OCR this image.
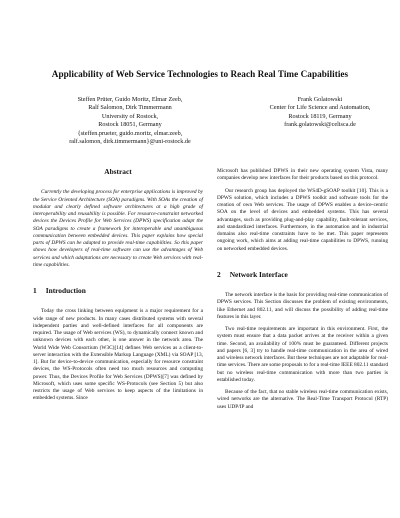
Applicability of Web Service Technologies to Reach Real Time Capabilities
Steffen Prüter, Guido Moritz, Elmar Zeeb,
Ralf Salomon, Dirk Timmermann
University of Rostock,
Rostock 18051, Germany
{steffen.prueter, guido.moritz, elmar.zeeb,
ralf.salomon, dirk.timmermann}@uni-rostock.de
Frank Golatowski
Center for Life Science and Automation,
Rostock 18119, Germany
frank.golatowski@celisca.de
Abstract

Currently the developing process for enterprise applications is improved by the Service Oriented Architecture (SOA) paradigms. With SOAs the creation of modular and clearly defined software architectures at a high grade of interoperability and reusability is possible. For resource-constraint networked devices the Devices Profile for Web Services (DPWS) specification adapt the SOA paradigms to create a framework for interoperable and unambiguous communication between embedded devices. This paper explains how special parts of DPWS can be adapted to provide real-time capabilities. So this paper shows how developers of real-time software can use the advantages of Web services and which adaptations are necessary to create Web services with real-time capabilities.

1 Introduction

Today the cross linking between equipment is a major requirement for a wide range of new products. In many cases distributed systems with several independent parties and well-defined interfaces for all components are required. The usage of Web services (WS), to dynamically connect known and unknown devices with each other, is one answer in the network area. The World Wide Web Consortium (W3C)[14] defines Web services as a client-to-server interaction with the Extensible Markup Language (XML) via SOAP [13, 1]. But for device-to-device communication, especially for resource constraint devices, the WS-Protocols often need too much resources and computing power. Thus, the Devices Profile for Web Services (DPWS)[7] was defined by Microsoft, which uses some specific WS-Protocols (see Section 5) but also restricts the usage of Web services to keep aspects of the limitations in embedded systems. Since

Microsoft has published DPWS in their new operating system Vista, many companies develop new interfaces for their products based on this protocol.

Our research group has deployed the WS4D-gSOAP toolkit [10]. This is a DPWS solution, which includes a DPWS toolkit and software tools for the creation of own Web services. The usage of DPWS enables a device-centric SOA on the level of devices and embedded systems. This has several advantages, such as providing plug-and-play capability, fault-tolerant services, and standardized interfaces. Furthermore, in the automation and in industrial domains also real-time constraints have to be met. This paper represents ongoing work, which aims at adding real-time capabilities to DPWS, running on networked embedded devices.

2 Network Interface

The network interface is the basis for providing real-time communication of DPWS services. This Section discusses the problem of existing environments, like Ethernet and 802.11, and will discuss the possibility of adding real-time features in this layer.

Two real-time requirements are important in this environment. First, the system must ensure that a data packet arrives at the receiver within a given time. Second, an availability of 100% must be guaranteed. Different projects and papers [6, 3] try to handle real-time communication in the area of wired and wireless network interfaces. But these techniques are not adaptable for real-time services. There are some proposals to for a real-time IEEE 802.11 standard but no wireless real-time communication with more than two parties is established today.

Because of the fact, that no stable wireless real-time communication exists, wired networks are the alternative. The Real-Time Transport Protocol (RTP) uses UDP/IP and
